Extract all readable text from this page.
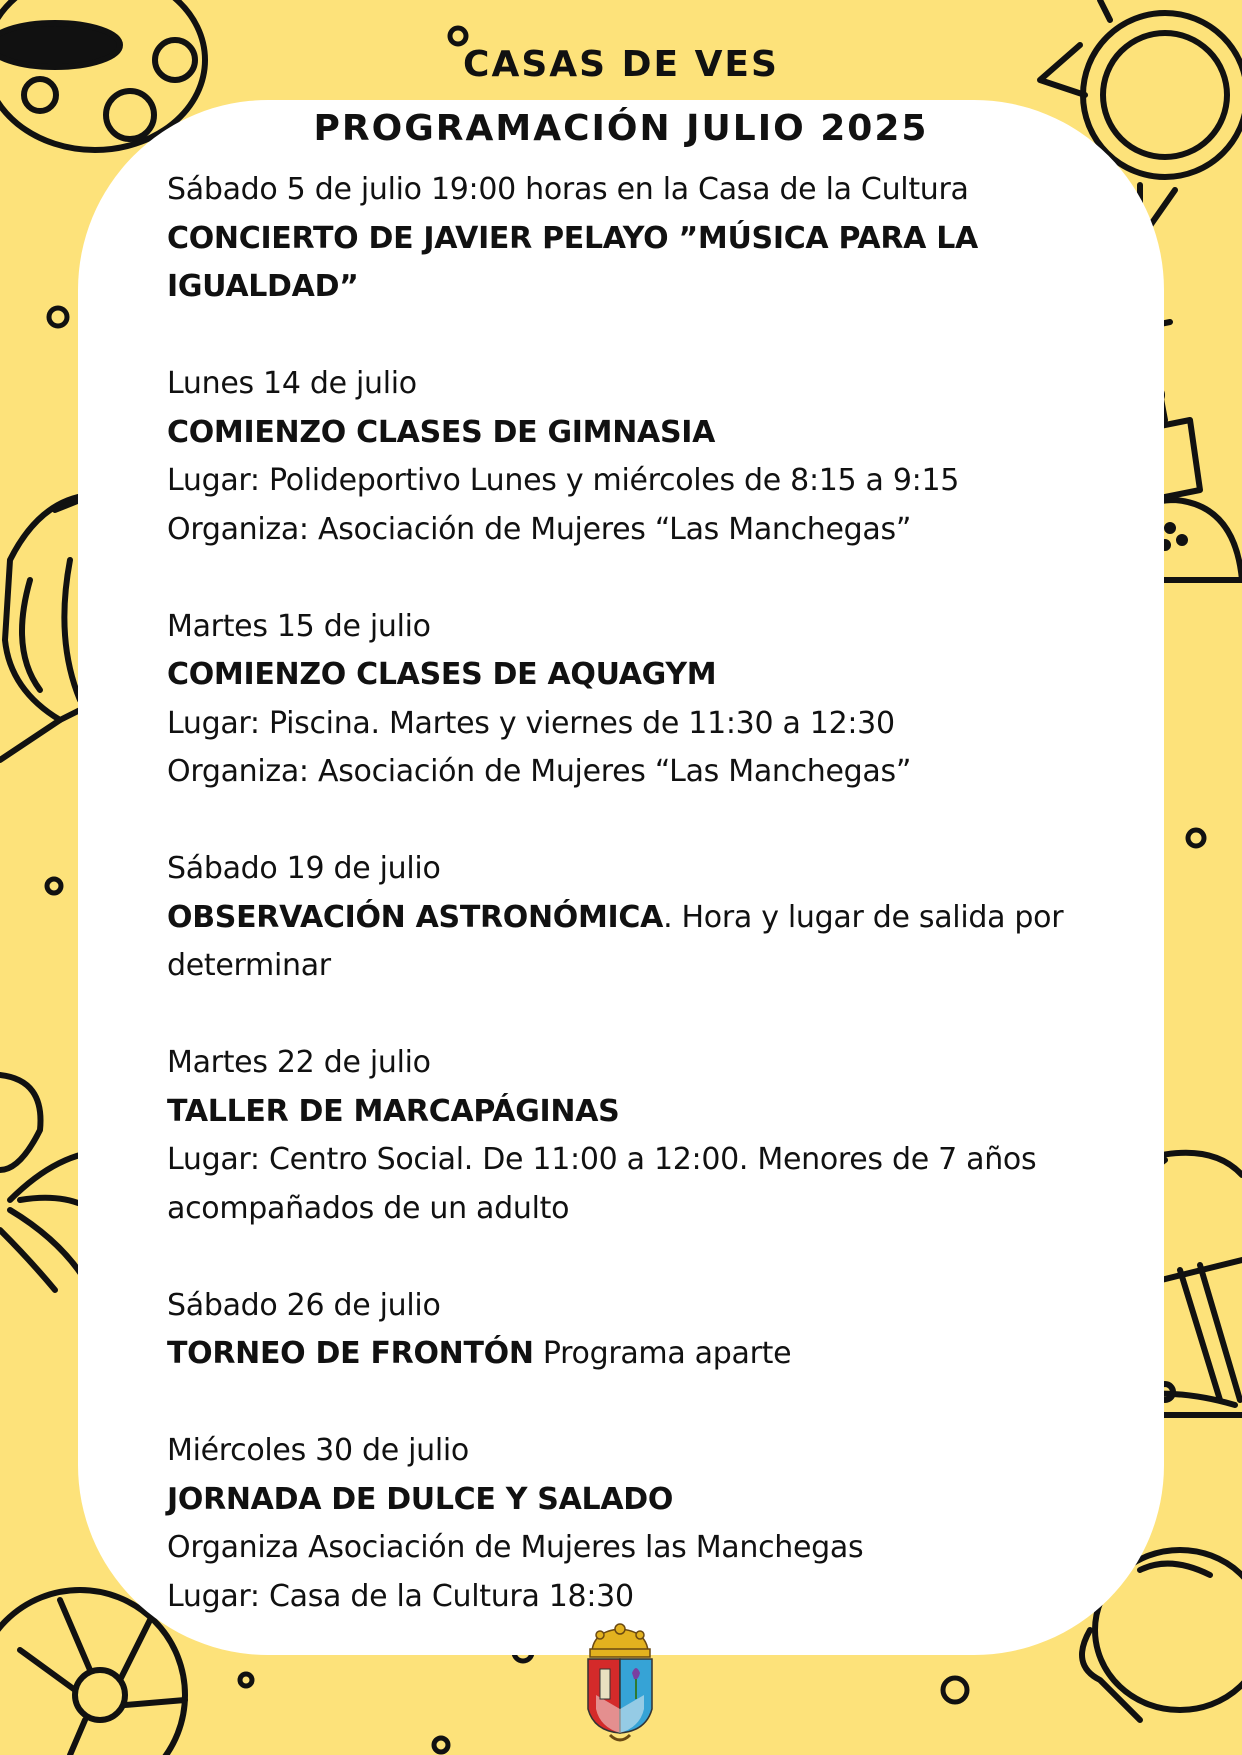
CASAS DE VES
PROGRAMACIÓN JULIO 2025

Sábado 5 de julio 19:00 horas en la Casa de la Cultura

CONCIERTO DE JAVIER PELAYO ”MÚSICA PARA LA IGUALDAD”

Lunes 14 de julio

COMIENZO CLASES DE GIMNASIA

Lugar: Polideportivo Lunes y miércoles de 8:15 a 9:15

Organiza: Asociación de Mujeres “Las Manchegas”

Martes 15 de julio

COMIENZO CLASES DE AQUAGYM

Lugar: Piscina. Martes y viernes de 11:30 a 12:30

Organiza: Asociación de Mujeres “Las Manchegas”

Sábado 19 de julio

OBSERVACIÓN ASTRONÓMICA. Hora y lugar de salida por determinar

Martes 22 de julio

TALLER DE MARCAPÁGINAS

Lugar: Centro Social. De 11:00 a 12:00. Menores de 7 años acompañados de un adulto

Sábado 26 de julio

TORNEO DE FRONTÓN Programa aparte

Miércoles 30 de julio

JORNADA DE DULCE Y SALADO

Organiza Asociación de Mujeres las Manchegas

Lugar: Casa de la Cultura 18:30
